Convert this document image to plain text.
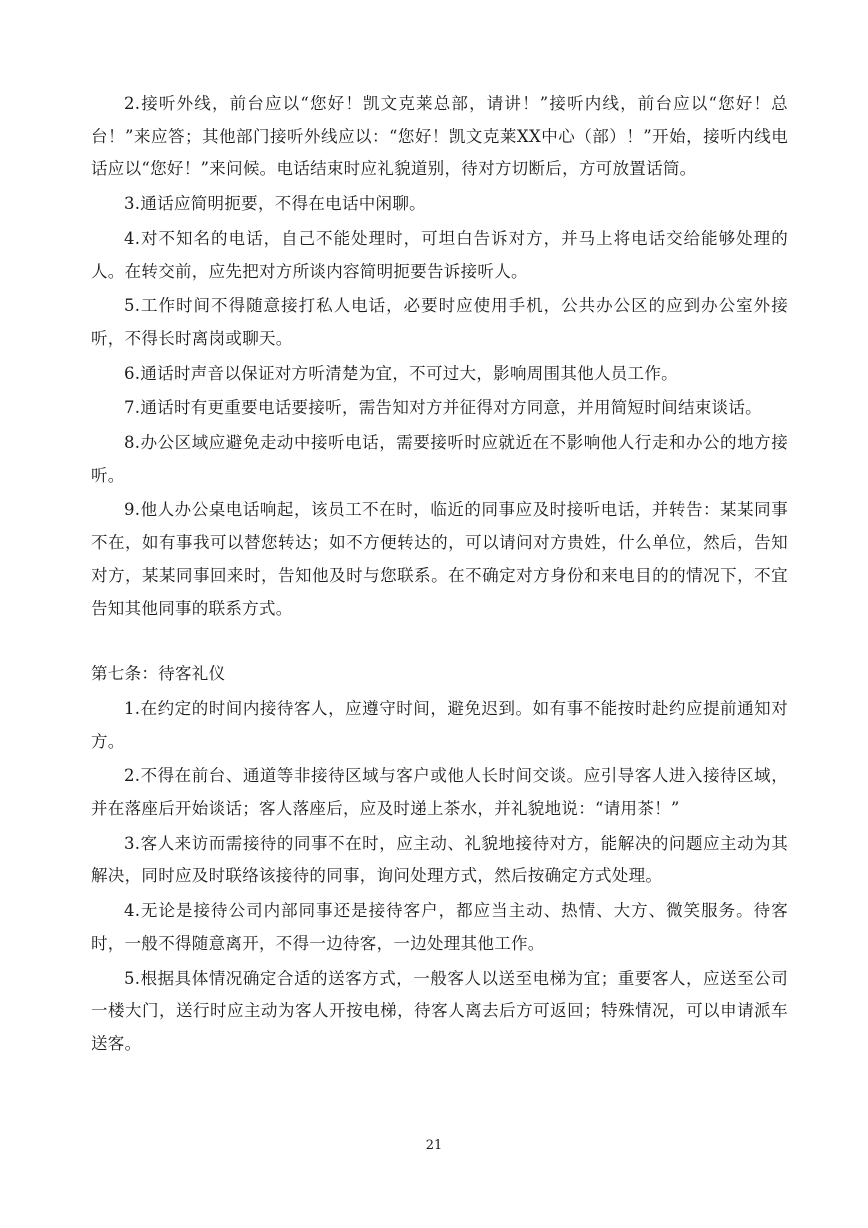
2.接听外线，前台应以“您好！凯文克莱总部，请讲！”接听内线，前台应以“您好！总台！”来应答；其他部门接听外线应以：“您好！凯文克莱XX中心（部）！”开始，接听内线电话应以“您好！”来问候。电话结束时应礼貌道别，待对方切断后，方可放置话筒。

3.通话应简明扼要，不得在电话中闲聊。

4.对不知名的电话，自己不能处理时，可坦白告诉对方，并马上将电话交给能够处理的人。在转交前，应先把对方所谈内容简明扼要告诉接听人。

5.工作时间不得随意接打私人电话，必要时应使用手机，公共办公区的应到办公室外接听，不得长时离岗或聊天。

6.通话时声音以保证对方听清楚为宜，不可过大，影响周围其他人员工作。

7.通话时有更重要电话要接听，需告知对方并征得对方同意，并用简短时间结束谈话。

8.办公区域应避免走动中接听电话，需要接听时应就近在不影响他人行走和办公的地方接听。

9.他人办公桌电话响起，该员工不在时，临近的同事应及时接听电话，并转告：某某同事不在，如有事我可以替您转达；如不方便转达的，可以请问对方贵姓，什么单位，然后，告知对方，某某同事回来时，告知他及时与您联系。在不确定对方身份和来电目的的情况下，不宜告知其他同事的联系方式。

第七条：待客礼仪

1.在约定的时间内接待客人，应遵守时间，避免迟到。如有事不能按时赴约应提前通知对方。

2.不得在前台、通道等非接待区域与客户或他人长时间交谈。应引导客人进入接待区域，并在落座后开始谈话；客人落座后，应及时递上茶水，并礼貌地说：“请用茶！”

3.客人来访而需接待的同事不在时，应主动、礼貌地接待对方，能解决的问题应主动为其解决，同时应及时联络该接待的同事，询问处理方式，然后按确定方式处理。

4.无论是接待公司内部同事还是接待客户，都应当主动、热情、大方、微笑服务。待客时，一般不得随意离开，不得一边待客，一边处理其他工作。

5.根据具体情况确定合适的送客方式，一般客人以送至电梯为宜；重要客人，应送至公司一楼大门，送行时应主动为客人开按电梯，待客人离去后方可返回；特殊情况，可以申请派车送客。

21
